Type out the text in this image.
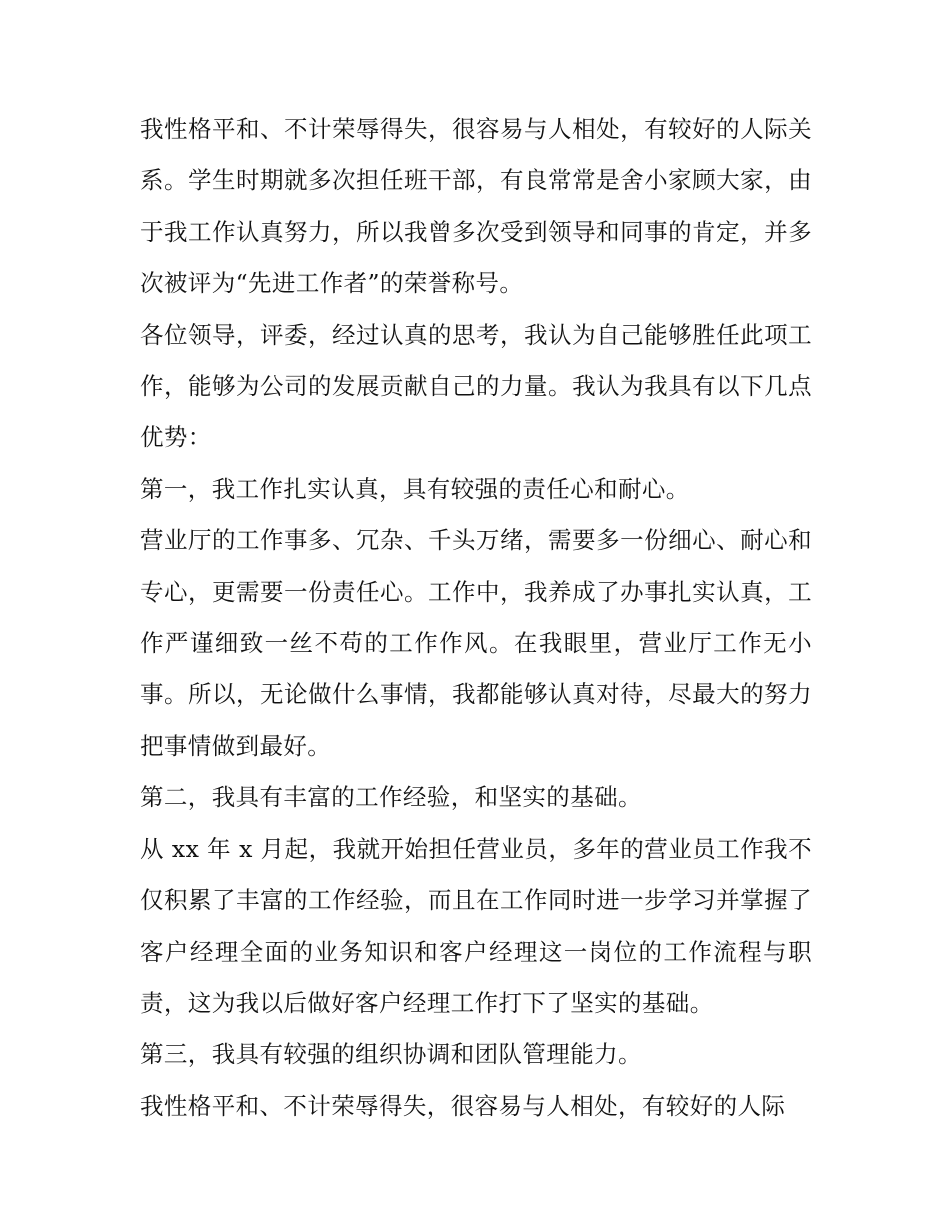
我性格平和、不计荣辱得失，很容易与人相处，有较好的人际关系。学生时期就多次担任班干部，有良常常是舍小家顾大家，由于我工作认真努力，所以我曾多次受到领导和同事的肯定，并多次被评为“先进工作者”的荣誉称号。

各位领导，评委，经过认真的思考，我认为自己能够胜任此项工作，能够为公司的发展贡献自己的力量。我认为我具有以下几点优势：

第一，我工作扎实认真，具有较强的责任心和耐心。

营业厅的工作事多、冗杂、千头万绪，需要多一份细心、耐心和专心，更需要一份责任心。工作中，我养成了办事扎实认真，工作严谨细致一丝不苟的工作作风。在我眼里，营业厅工作无小事。所以，无论做什么事情，我都能够认真对待，尽最大的努力把事情做到最好。

第二，我具有丰富的工作经验，和坚实的基础。

从 xx 年 x 月起，我就开始担任营业员，多年的营业员工作我不仅积累了丰富的工作经验，而且在工作同时进一步学习并掌握了客户经理全面的业务知识和客户经理这一岗位的工作流程与职责，这为我以后做好客户经理工作打下了坚实的基础。

第三，我具有较强的组织协调和团队管理能力。

我性格平和、不计荣辱得失，很容易与人相处，有较好的人际
